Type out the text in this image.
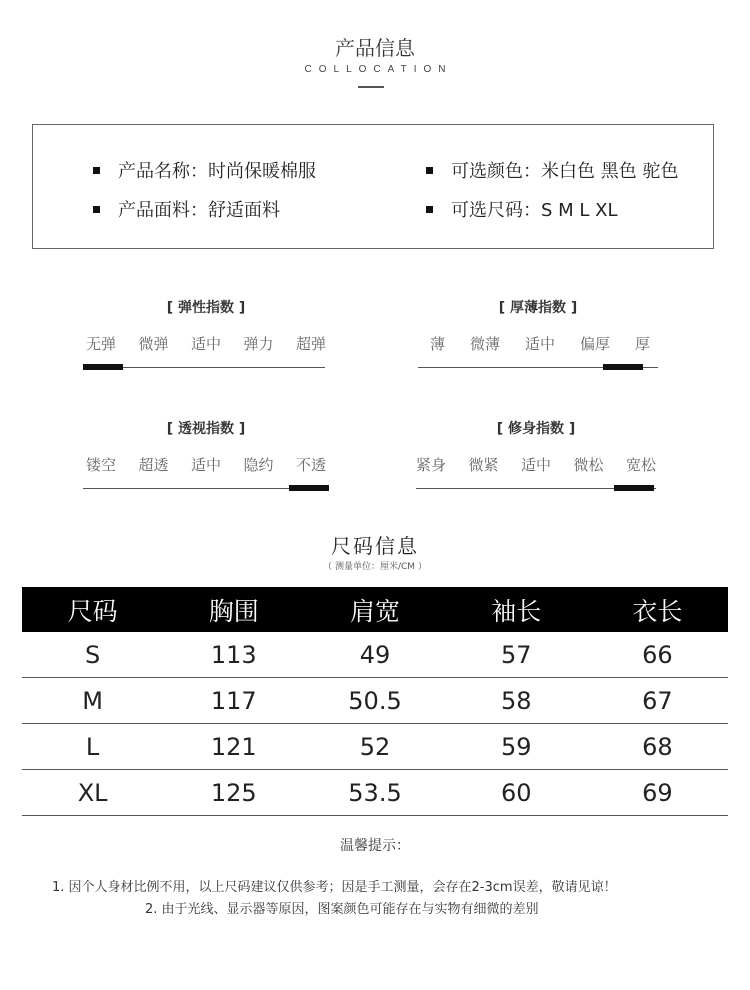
产品信息
COLLOCATION
产品名称：时尚保暖棉服
产品面料：舒适面料
可选颜色：米白色 黑色 驼色
可选尺码：S M L XL
[ 弹性指数 ]
无弹 微弹 适中 弹力 超弹
[ 厚薄指数 ]
薄 微薄 适中 偏厚 厚
[ 透视指数 ]
镂空 超透 适中 隐约 不透
[ 修身指数 ]
紧身 微紧 适中 微松 宽松
尺码信息
（ 测量单位：厘米/CM ）
尺码	胸围	肩宽	袖长	衣长
S	113	49	57	66
M	117	50.5	58	67
L	121	52	59	68
XL	125	53.5	60	69
温馨提示：
1. 因个人身材比例不用，以上尺码建议仅供参考；因是手工测量，会存在2-3cm误差，敬请见谅！
2. 由于光线、显示器等原因，图案颜色可能存在与实物有细微的差别
